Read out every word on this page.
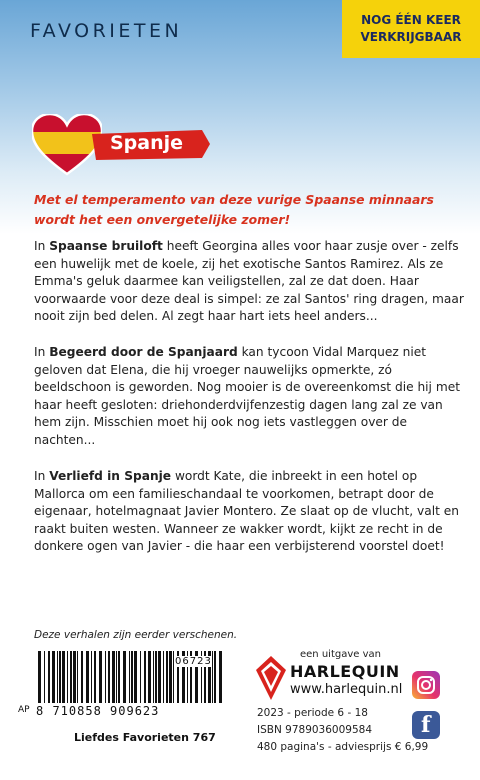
FAVORIETEN	NOG ÉÉN KEER
VERKRIJGBAAR
Spanje
Met el temperamento van deze vurige Spaanse minnaars wordt het een onvergetelijke zomer!
In Spaanse bruiloft heeft Georgina alles voor haar zusje over - zelfs een huwelijk met de koele, zij het exotische Santos Ramirez. Als ze Emma's geluk daarmee kan veiligstellen, zal ze dat doen. Haar voorwaarde voor deze deal is simpel: ze zal Santos' ring dragen, maar nooit zijn bed delen. Al zegt haar hart iets heel anders...
In Begeerd door de Spanjaard kan tycoon Vidal Marquez niet geloven dat Elena, die hij vroeger nauwelijks opmerkte, zó beeldschoon is geworden. Nog mooier is de overeenkomst die hij met haar heeft gesloten: driehonderdvijfenzestig dagen lang zal ze van hem zijn. Misschien moet hij ook nog iets vastleggen over de nachten...
In Verliefd in Spanje wordt Kate, die inbreekt in een hotel op Mallorca om een familieschandaal te voorkomen, betrapt door de eigenaar, hotelmagnaat Javier Montero. Ze slaat op de vlucht, valt en raakt buiten westen. Wanneer ze wakker wordt, kijkt ze recht in de donkere ogen van Javier - die haar een verbijsterend voorstel doet!
Deze verhalen zijn eerder verschenen.
06723
AP 8 710858 909623
Liefdes Favorieten 767
een uitgave van
HARLEQUIN
www.harlequin.nl
2023 - periode 6 - 18
ISBN 9789036009584
480 pagina's - adviesprijs € 6,99
f
